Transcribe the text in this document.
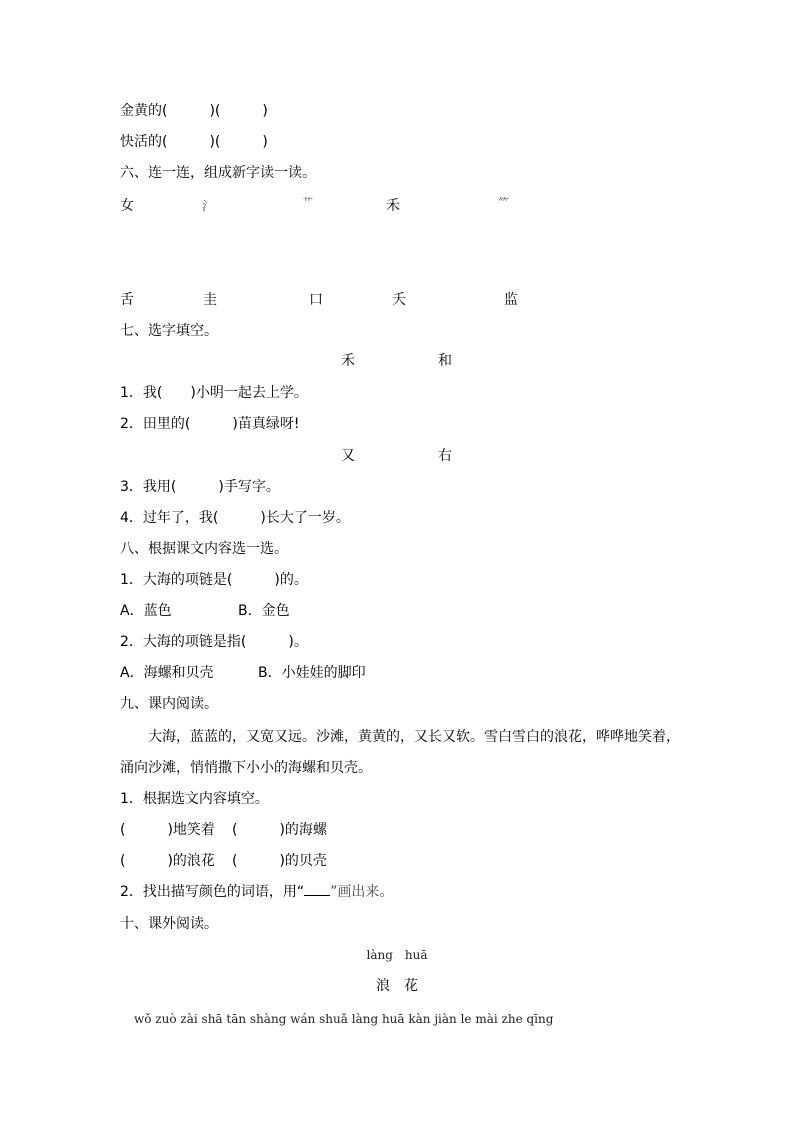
金黄的(　　　)(　　　)
快活的(　　　)(　　　)
六、连一连，组成新字读一读。
女	氵	艹	禾	⺮
舌	圭	口	夭	监
七、选字填空。
禾	和
1．我(　　)小明一起去上学。
2．田里的(　　　)苗真绿呀!
又	右
3．我用(　　　)手写字。
4．过年了，我(　　　)长大了一岁。
八、根据课文内容选一选。
1．大海的项链是(　　　)的。
A．蓝色	B．金色
2．大海的项链是指(　　　)。
A．海螺和贝壳	B．小娃娃的脚印
九、课内阅读。
大海，蓝蓝的，又宽又远。沙滩，黄黄的，又长又软。雪白雪白的浪花，哗哗地笑着，
涌向沙滩，悄悄撒下小小的海螺和贝壳。
1．根据选文内容填空。
(　　　)地笑着 (　　　)的海螺
(　　　)的浪花 (　　　)的贝壳
2．找出描写颜色的词语，用“ ”画出来。
十、课外阅读。
làng　huā
浪　花
wǒ zuò zài shā tān shàng wán shuǎ làng huā kàn jiàn le mài zhe qīng
